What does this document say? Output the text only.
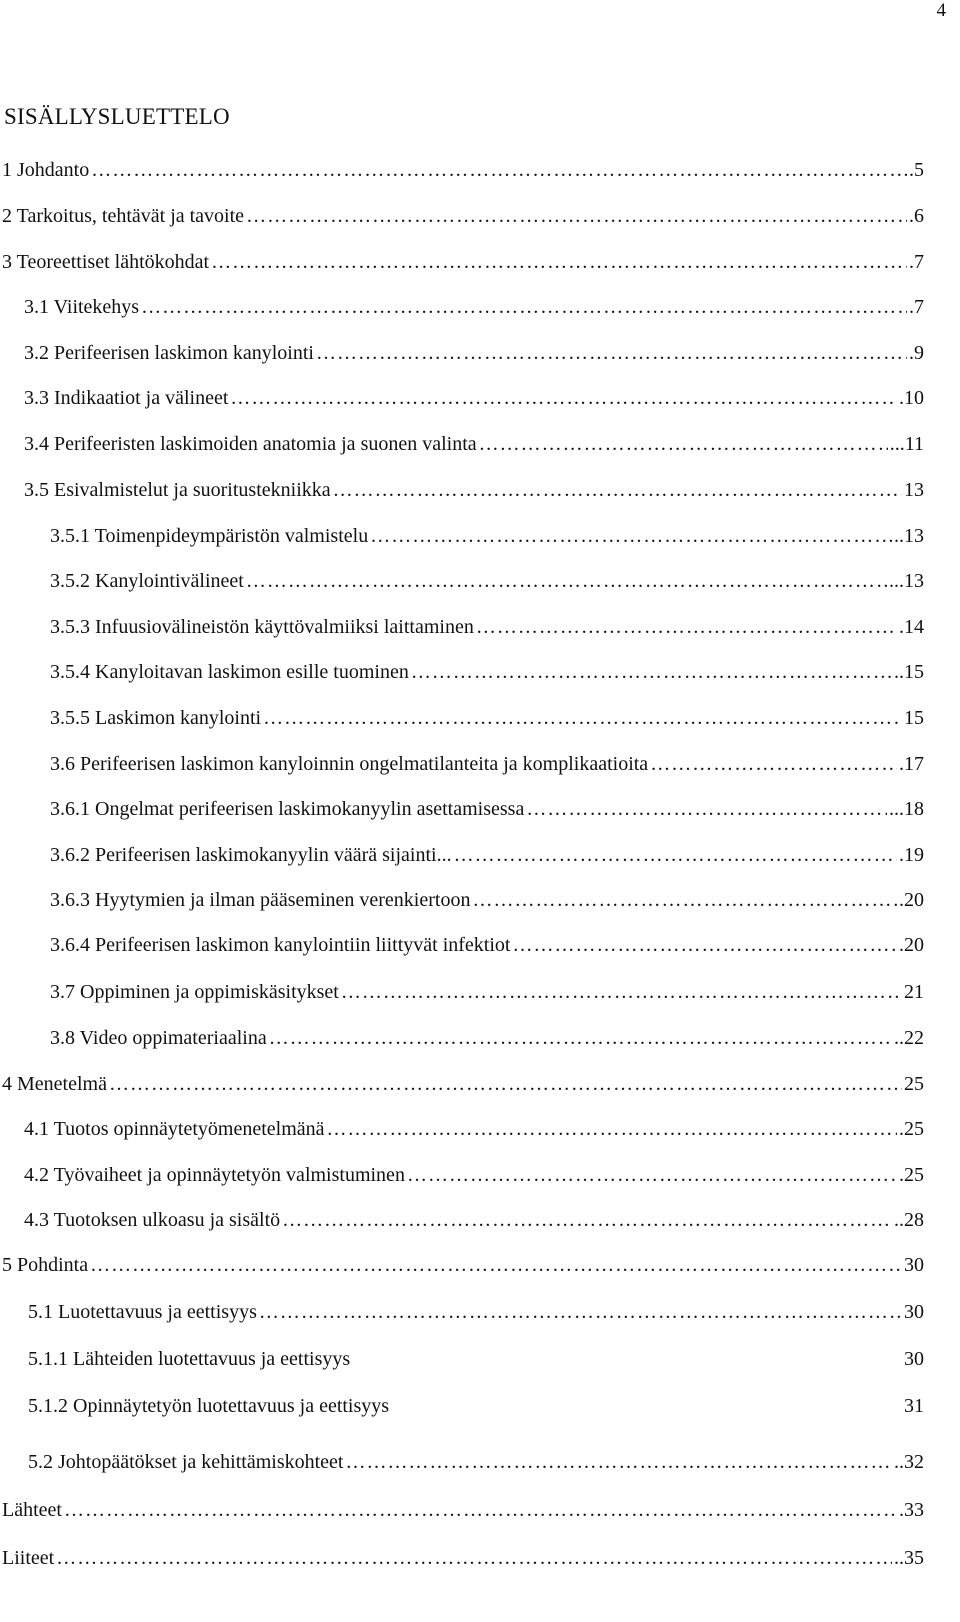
4
SISÄLLYSLUETTELO
1 Johdanto …………………………………………………………………………………………………………………………………………………………………………………………	.5
2 Tarkoitus, tehtävät ja tavoite …………………………………………………………………………………………………………………………………………………………………………………………	.6
3 Teoreettiset lähtökohdat …………………………………………………………………………………………………………………………………………………………………………………………	.7
3.1 Viitekehys …………………………………………………………………………………………………………………………………………………………………………………………	.7
3.2 Perifeerisen laskimon kanylointi …………………………………………………………………………………………………………………………………………………………………………………………	.9
3.3 Indikaatiot ja välineet …………………………………………………………………………………………………………………………………………………………………………………………	.10
3.4 Perifeeristen laskimoiden anatomia ja suonen valinta …………………………………………………………………………………………………………………………………………………………………………………………	...11
3.5 Esivalmistelut ja suoritustekniikka …………………………………………………………………………………………………………………………………………………………………………………………	13
3.5.1 Toimenpideympäristön valmistelu …………………………………………………………………………………………………………………………………………………………………………………………	..13
3.5.2 Kanylointivälineet …………………………………………………………………………………………………………………………………………………………………………………………	...13
3.5.3 Infuusiovälineistön käyttövalmiiksi laittaminen …………………………………………………………………………………………………………………………………………………………………………………………	.14
3.5.4 Kanyloitavan laskimon esille tuominen …………………………………………………………………………………………………………………………………………………………………………………………	..15
3.5.5 Laskimon kanylointi …………………………………………………………………………………………………………………………………………………………………………………………	15
3.6 Perifeerisen laskimon kanyloinnin ongelmatilanteita ja komplikaatioita …………………………………………………………………………………………………………………………………………………………………………………………	.17
3.6.1 Ongelmat perifeerisen laskimokanyylin asettamisessa …………………………………………………………………………………………………………………………………………………………………………………………	...18
3.6.2 Perifeerisen laskimokanyylin väärä sijainti... …………………………………………………………………………………………………………………………………………………………………………………………	.19
3.6.3 Hyytymien ja ilman pääseminen verenkiertoon …………………………………………………………………………………………………………………………………………………………………………………………	.20
3.6.4 Perifeerisen laskimon kanylointiin liittyvät infektiot …………………………………………………………………………………………………………………………………………………………………………………………	.20
3.7 Oppiminen ja oppimiskäsitykset …………………………………………………………………………………………………………………………………………………………………………………………	21
3.8 Video oppimateriaalina …………………………………………………………………………………………………………………………………………………………………………………………	..22
4 Menetelmä …………………………………………………………………………………………………………………………………………………………………………………………	25
4.1 Tuotos opinnäytetyömenetelmänä …………………………………………………………………………………………………………………………………………………………………………………………	.25
4.2 Työvaiheet ja opinnäytetyön valmistuminen …………………………………………………………………………………………………………………………………………………………………………………………	.25
4.3 Tuotoksen ulkoasu ja sisältö …………………………………………………………………………………………………………………………………………………………………………………………	..28
5 Pohdinta …………………………………………………………………………………………………………………………………………………………………………………………	30
5.1 Luotettavuus ja eettisyys …………………………………………………………………………………………………………………………………………………………………………………………	30
5.1.1 Lähteiden luotettavuus ja eettisyys	30
5.1.2 Opinnäytetyön luotettavuus ja eettisyys	31
5.2 Johtopäätökset ja kehittämiskohteet …………………………………………………………………………………………………………………………………………………………………………………………	..32
Lähteet …………………………………………………………………………………………………………………………………………………………………………………………	.33
Liiteet …………………………………………………………………………………………………………………………………………………………………………………………	..35
